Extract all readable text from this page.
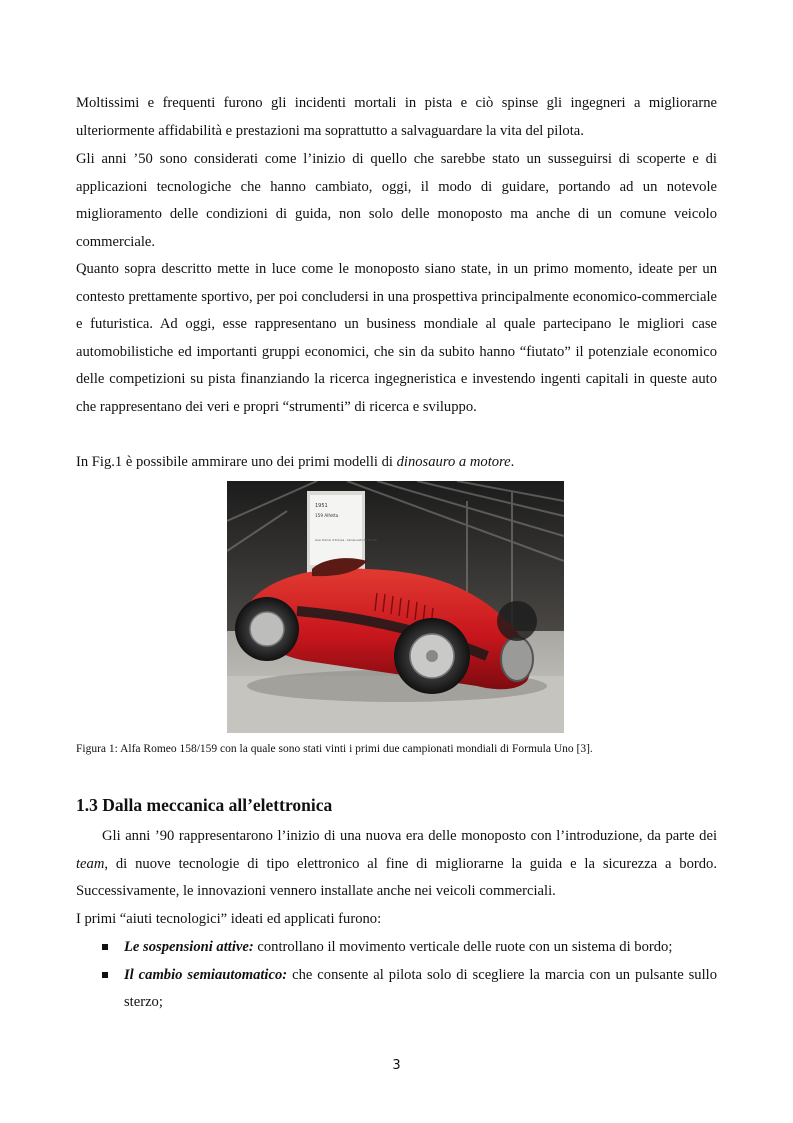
Moltissimi e frequenti furono gli incidenti mortali in pista e ciò spinse gli ingegneri a migliorarne ulteriormente affidabilità e prestazioni ma soprattutto a salvaguardare la vita del pilota.

Gli anni ’50 sono considerati come l’inizio di quello che sarebbe stato un susseguirsi di scoperte e di applicazioni tecnologiche che hanno cambiato, oggi, il modo di guidare, portando ad un notevole miglioramento delle condizioni di guida, non solo delle monoposto ma anche di un comune veicolo commerciale.

Quanto sopra descritto mette in luce come le monoposto siano state, in un primo momento, ideate per un contesto prettamente sportivo, per poi concludersi in una prospettiva principalmente economico-commerciale e futuristica. Ad oggi, esse rappresentano un business mondiale al quale partecipano le migliori case automobilistiche ed importanti gruppi economici, che sin da subito hanno “fiutato” il potenziale economico delle competizioni su pista finanziando la ricerca ingegneristica e investendo ingenti capitali in queste auto che rappresentano dei veri e propri “strumenti” di ricerca e sviluppo.

In Fig.1 è possibile ammirare uno dei primi modelli di dinosauro a motore.

1951
159 Alfetta
Gran Premio di Europa - Campionato del Mondo

Figura 1: Alfa Romeo 158/159 con la quale sono stati vinti i primi due campionati mondiali di Formula Uno [3].

1.3 Dalla meccanica all’elettronica

Gli anni ’90 rappresentarono l’inizio di una nuova era delle monoposto con l’introduzione, da parte dei team, di nuove tecnologie di tipo elettronico al fine di migliorarne la guida e la sicurezza a bordo. Successivamente, le innovazioni vennero installate anche nei veicoli commerciali.

I primi “aiuti tecnologici” ideati ed applicati furono:

Le sospensioni attive: controllano il movimento verticale delle ruote con un sistema di bordo;
Il cambio semiautomatico: che consente al pilota solo di scegliere la marcia con un pulsante sullo sterzo;

3
